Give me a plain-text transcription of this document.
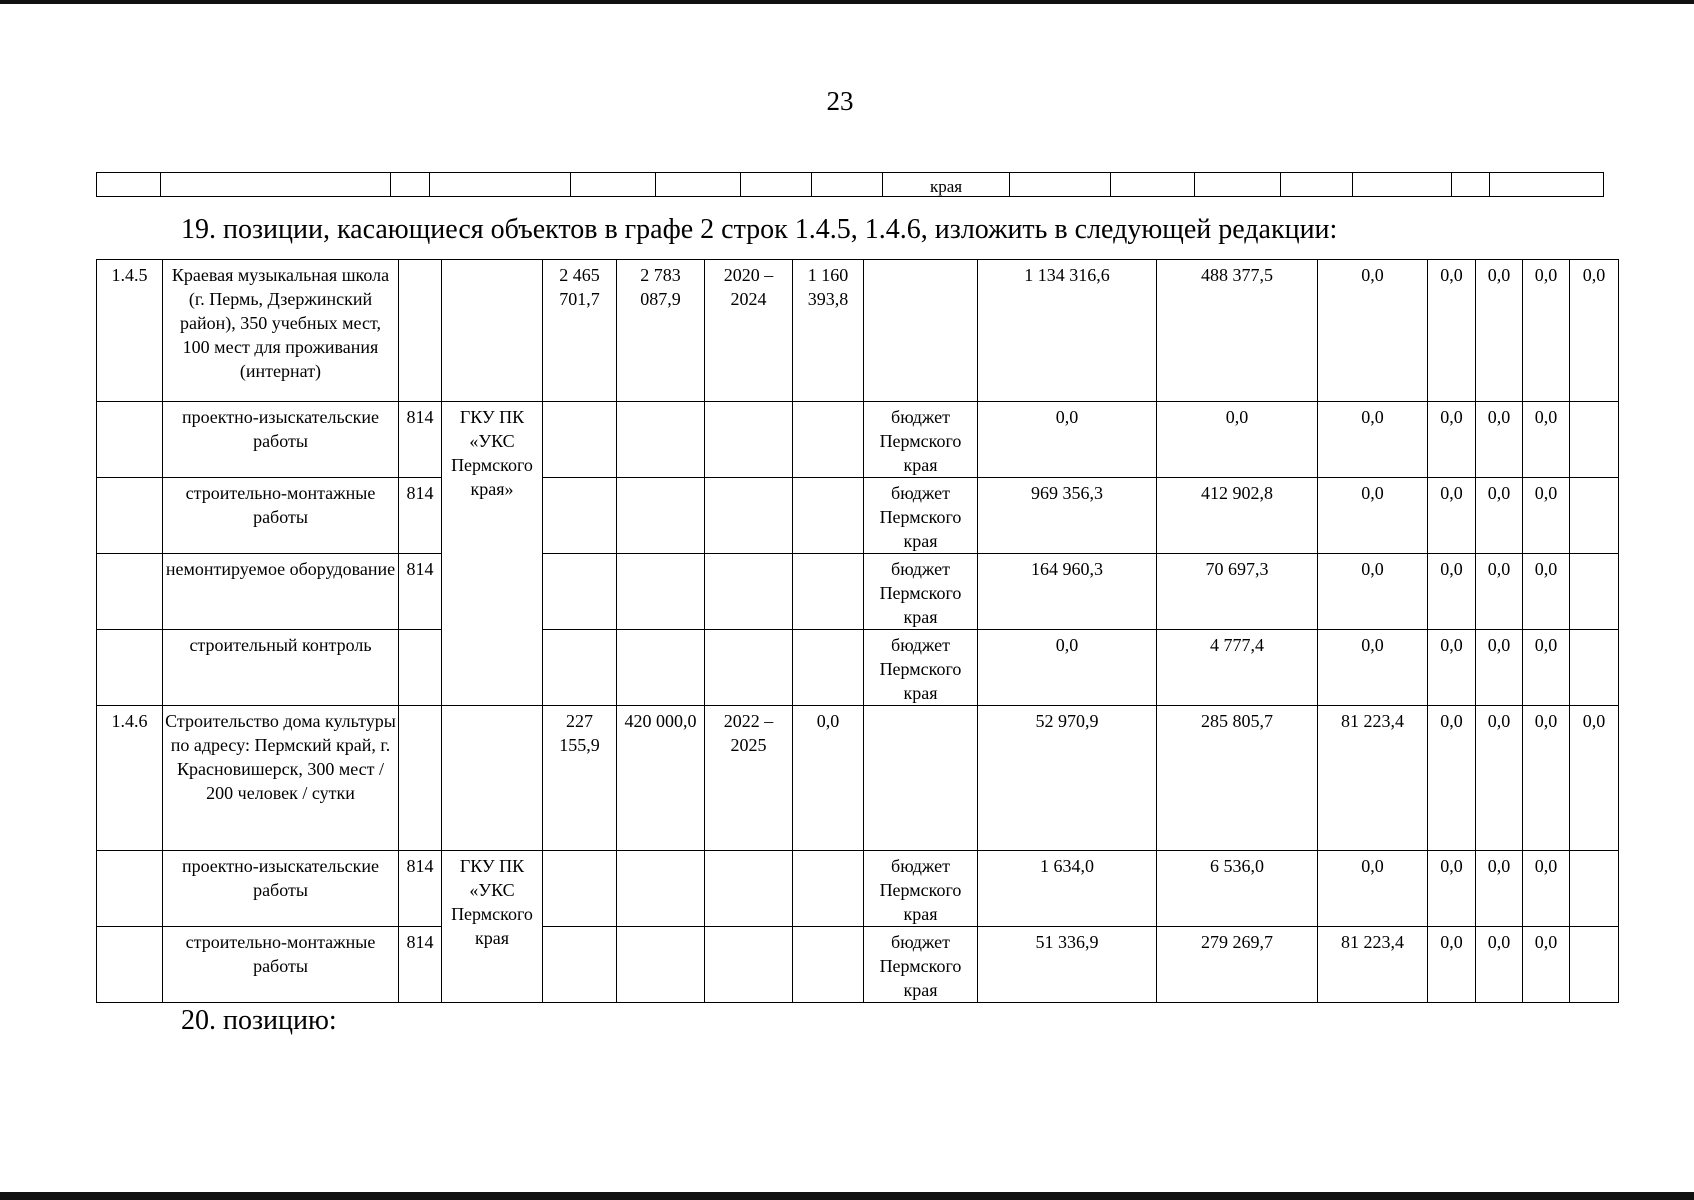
23
								края							
19. позиции, касающиеся объектов в графе 2 строк 1.4.5, 1.4.6, изложить в следующей редакции:
1.4.5	Краевая музыкальная школа (г. Пермь, Дзержинский район), 350 учебных мест, 100 мест для проживания (интернат)			2 465 701,7	2 783 087,9	2020 – 2024	1 160 393,8		1 134 316,6	488 377,5	0,0	0,0	0,0	0,0	0,0
	проектно-изыскательские работы	814	ГКУ ПК «УКС Пермского края»					бюджет Пермского края	0,0	0,0	0,0	0,0	0,0	0,0	
	строительно-монтажные работы	814						бюджет Пермского края	969 356,3	412 902,8	0,0	0,0	0,0	0,0	
	немонтируемое оборудование	814						бюджет Пермского края	164 960,3	70 697,3	0,0	0,0	0,0	0,0	
	строительный контроль							бюджет Пермского края	0,0	4 777,4	0,0	0,0	0,0	0,0	
1.4.6	Строительство дома культуры по адресу: Пермский край, г. Красновишерск, 300 мест / 200 человек / сутки			227 155,9	420 000,0	2022 – 2025	0,0		52 970,9	285 805,7	81 223,4	0,0	0,0	0,0	0,0
	проектно-изыскательские работы	814	ГКУ ПК «УКС Пермского края					бюджет Пермского края	1 634,0	6 536,0	0,0	0,0	0,0	0,0	
	строительно-монтажные работы	814						бюджет Пермского края	51 336,9	279 269,7	81 223,4	0,0	0,0	0,0	
20. позицию:
